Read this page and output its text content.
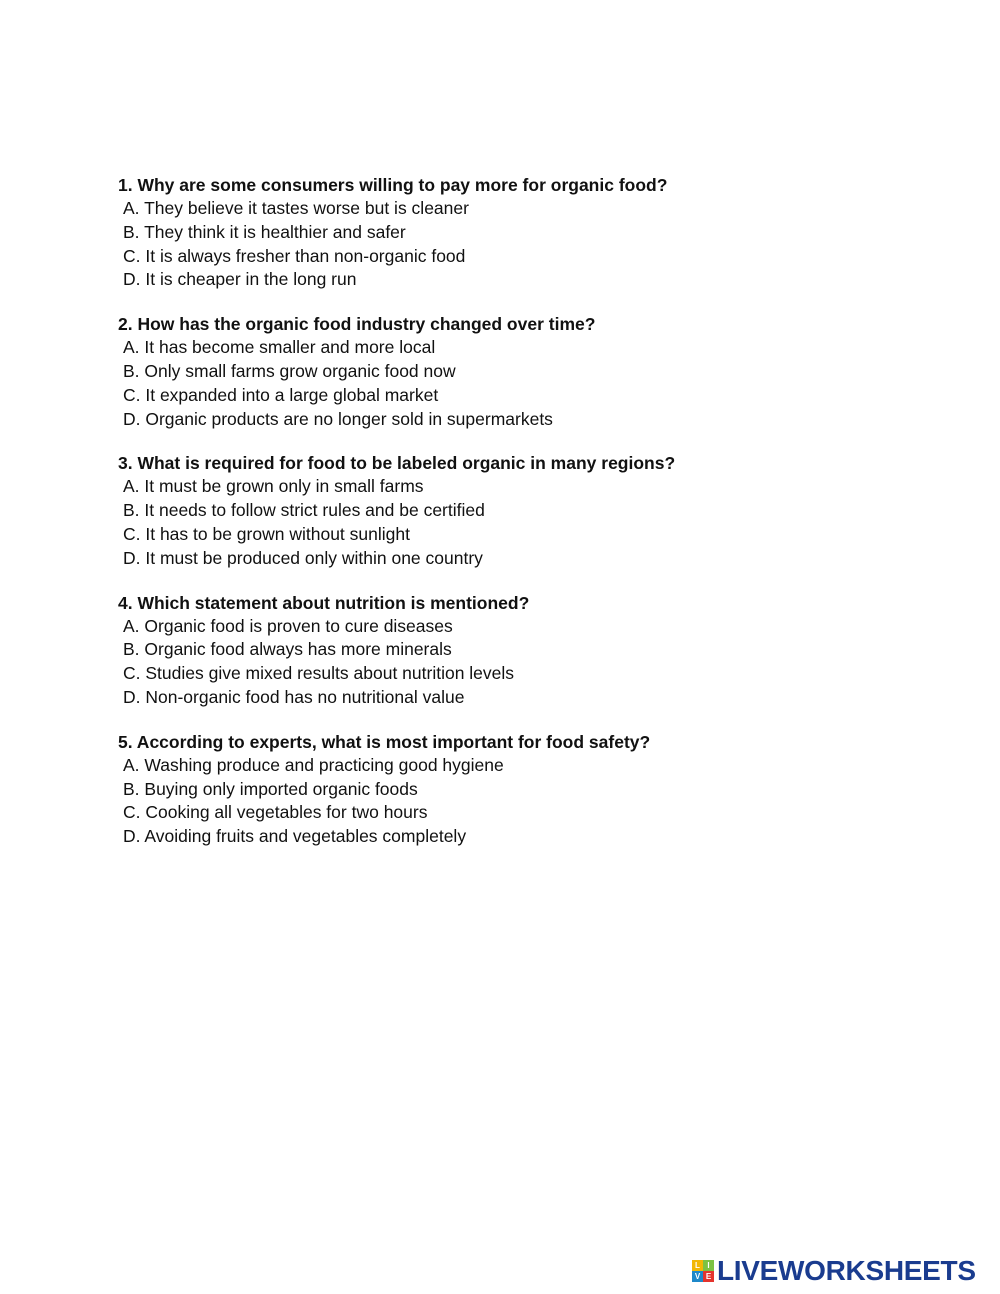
1. Why are some consumers willing to pay more for organic food?
A. They believe it tastes worse but is cleaner
B. They think it is healthier and safer
C. It is always fresher than non-organic food
D. It is cheaper in the long run
2. How has the organic food industry changed over time?
A. It has become smaller and more local
B. Only small farms grow organic food now
C. It expanded into a large global market
D. Organic products are no longer sold in supermarkets
3. What is required for food to be labeled organic in many regions?
A. It must be grown only in small farms
B. It needs to follow strict rules and be certified
C. It has to be grown without sunlight
D. It must be produced only within one country
4. Which statement about nutrition is mentioned?
A. Organic food is proven to cure diseases
B. Organic food always has more minerals
C. Studies give mixed results about nutrition levels
D. Non-organic food has no nutritional value
5. According to experts, what is most important for food safety?
A. Washing produce and practicing good hygiene
B. Buying only imported organic foods
C. Cooking all vegetables for two hours
D. Avoiding fruits and vegetables completely
L I
V E LIVEWORKSHEETS
